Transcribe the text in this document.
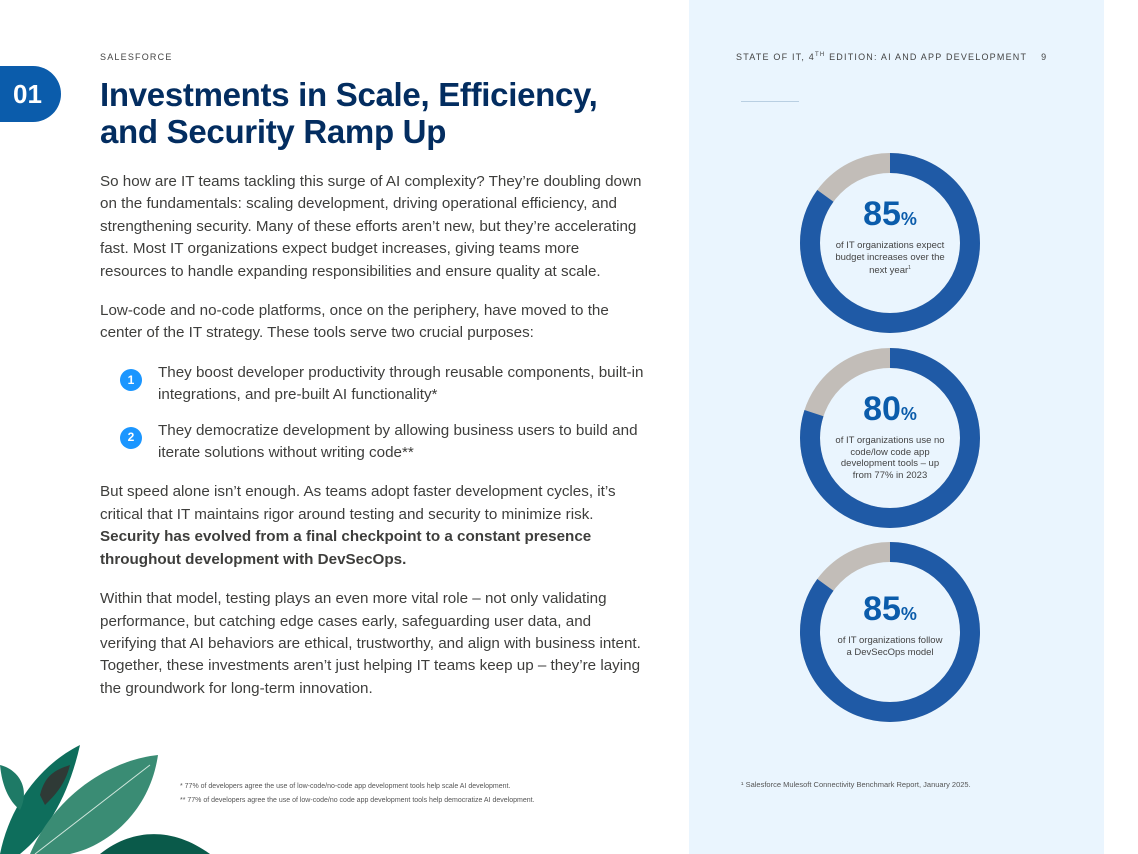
SALESFORCE	STATE OF IT, 4TH EDITION: AI AND APP DEVELOPMENT 9
01	Investments in Scale, Efficiency, and Security Ramp Up

So how are IT teams tackling this surge of AI complexity? They’re doubling down on the fundamentals: scaling development, driving operational efficiency, and strengthening security. Many of these efforts aren’t new, but they’re accelerating fast. Most IT organizations expect budget increases, giving teams more resources to handle expanding responsibilities and ensure quality at scale.

Low-code and no-code platforms, once on the periphery, have moved to the center of the IT strategy. These tools serve two crucial purposes:

1	They boost developer productivity through reusable components, built-in integrations, and pre-built AI functionality*
2	They democratize development by allowing business users to build and iterate solutions without writing code**

But speed alone isn’t enough. As teams adopt faster development cycles, it’s critical that IT maintains rigor around testing and security to minimize risk. Security has evolved from a final checkpoint to a constant presence throughout development with DevSecOps.

Within that model, testing plays an even more vital role – not only validating performance, but catching edge cases early, safeguarding user data, and verifying that AI behaviors are ethical, trustworthy, and align with business intent. Together, these investments aren’t just helping IT teams keep up – they’re laying the groundwork for long-term innovation.

85%
of IT organizations expect budget increases over the next year$^1$
80%
of IT organizations use no code/low code app development tools – up from 77% in 2023
85%
of IT organizations follow a DevSecOps model
* 77% of developers agree the use of low-code/no-code app development tools help scale AI development.
** 77% of developers agree the use of low-code/no code app development tools help democratize AI development.
¹ Salesforce Mulesoft Connectivity Benchmark Report, January 2025.
